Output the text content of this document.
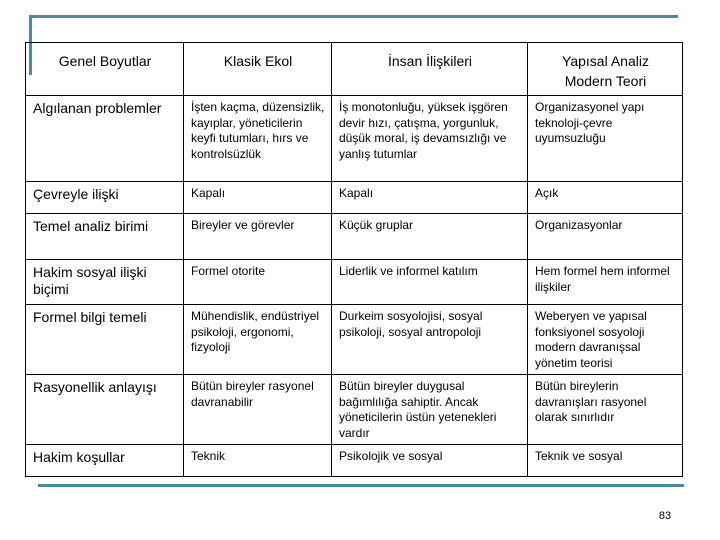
Genel Boyutlar	Klasik Ekol	İnsan İlişkileri	Yapısal Analiz
Modern Teori
Algılanan problemler	İşten kaçma, düzensizlik, kayıplar, yöneticilerin keyfi tutumları, hırs ve kontrolsüzlük	İş monotonluğu, yüksek işgören devir hızı, çatışma, yorgunluk, düşük moral, iş devamsızlığı ve yanlış tutumlar	Organizasyonel yapı teknoloji-çevre uyumsuzluğu
Çevreyle ilişki	Kapalı	Kapalı	Açık
Temel analiz birimi	Bireyler ve görevler	Küçük gruplar	Organizasyonlar
Hakim sosyal ilişki biçimi	Formel otorite	Liderlik ve informel katılım	Hem formel hem informel ilişkiler
Formel bilgi temeli	Mühendislik, endüstriyel psikoloji, ergonomi, fizyoloji	Durkeim sosyolojisi, sosyal psikoloji, sosyal antropoloji	Weberyen ve yapısal fonksiyonel sosyoloji modern davranışsal yönetim teorisi
Rasyonellik anlayışı	Bütün bireyler rasyonel davranabilir	Bütün bireyler duygusal bağımlılığa sahiptir. Ancak yöneticilerin üstün yetenekleri vardır	Bütün bireylerin davranışları rasyonel olarak sınırlıdır
Hakim koşullar	Teknik	Psikolojik ve sosyal	Teknik ve sosyal
83
